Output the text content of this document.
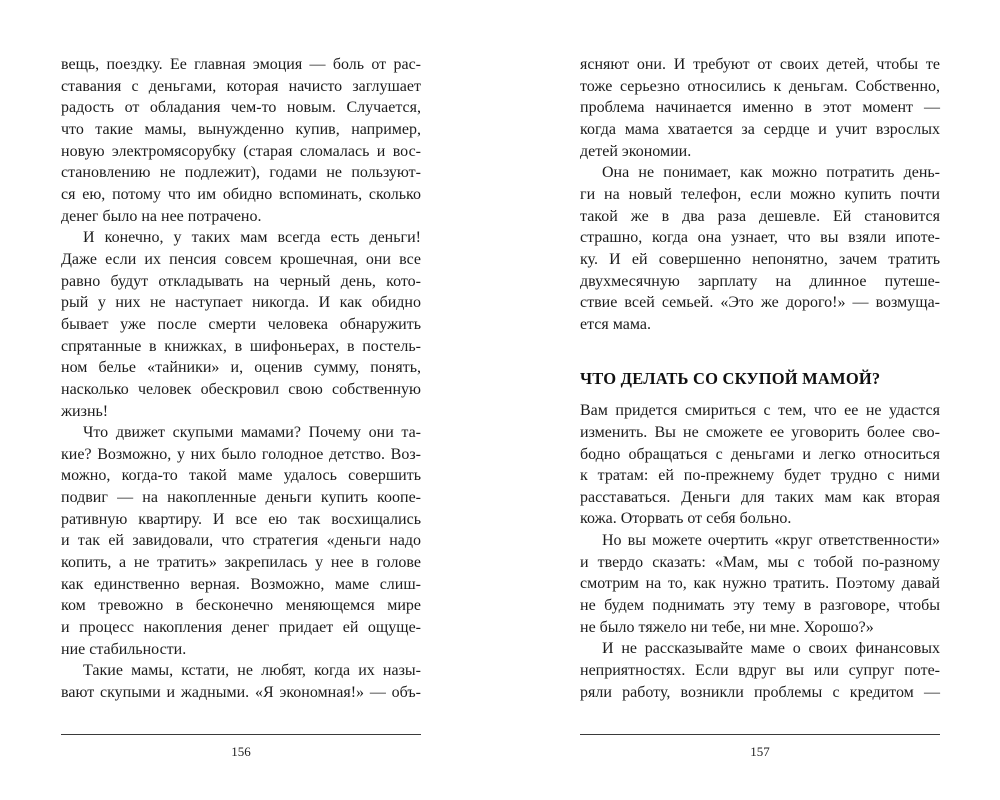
вещь, поездку. Ее главная эмоция — боль от рас-
ставания с деньгами, которая начисто заглушает
радость от обладания чем-то новым. Случается,
что такие мамы, вынужденно купив, например,
новую электромясорубку (старая сломалась и вос-
становлению не подлежит), годами не пользуют-
ся ею, потому что им обидно вспоминать, сколько
денег было на нее потрачено.
И конечно, у таких мам всегда есть деньги!
Даже если их пенсия совсем крошечная, они все
равно будут откладывать на черный день, кото-
рый у них не наступает никогда. И как обидно
бывает уже после смерти человека обнаружить
спрятанные в книжках, в шифоньерах, в постель-
ном белье «тайники» и, оценив сумму, понять,
насколько человек обескровил свою собственную
жизнь!
Что движет скупыми мамами? Почему они та-
кие? Возможно, у них было голодное детство. Воз-
можно, когда-то такой маме удалось совершить
подвиг — на накопленные деньги купить коопе-
ративную квартиру. И все ею так восхищались
и так ей завидовали, что стратегия «деньги надо
копить, а не тратить» закрепилась у нее в голове
как единственно верная. Возможно, маме слиш-
ком тревожно в бесконечно меняющемся мире
и процесс накопления денег придает ей ощуще-
ние стабильности.
Такие мамы, кстати, не любят, когда их назы-
вают скупыми и жадными. «Я экономная!» — объ-
ясняют они. И требуют от своих детей, чтобы те
тоже серьезно относились к деньгам. Собственно,
проблема начинается именно в этот момент —
когда мама хватается за сердце и учит взрослых
детей экономии.
Она не понимает, как можно потратить день-
ги на новый телефон, если можно купить почти
такой же в два раза дешевле. Ей становится
страшно, когда она узнает, что вы взяли ипоте-
ку. И ей совершенно непонятно, зачем тратить
двухмесячную зарплату на длинное путеше-
ствие всей семьей. «Это же дорого!» — возмуща-
ется мама.
ЧТО ДЕЛАТЬ СО СКУПОЙ МАМОЙ?
Вам придется смириться с тем, что ее не удастся
изменить. Вы не сможете ее уговорить более сво-
бодно обращаться с деньгами и легко относиться
к тратам: ей по-прежнему будет трудно с ними
расставаться. Деньги для таких мам как вторая
кожа. Оторвать от себя больно.
Но вы можете очертить «круг ответственности»
и твердо сказать: «Мам, мы с тобой по-разному
смотрим на то, как нужно тратить. Поэтому давай
не будем поднимать эту тему в разговоре, чтобы
не было тяжело ни тебе, ни мне. Хорошо?»
И не рассказывайте маме о своих финансовых
неприятностях. Если вдруг вы или супруг поте-
ряли работу, возникли проблемы с кредитом —
156	157
